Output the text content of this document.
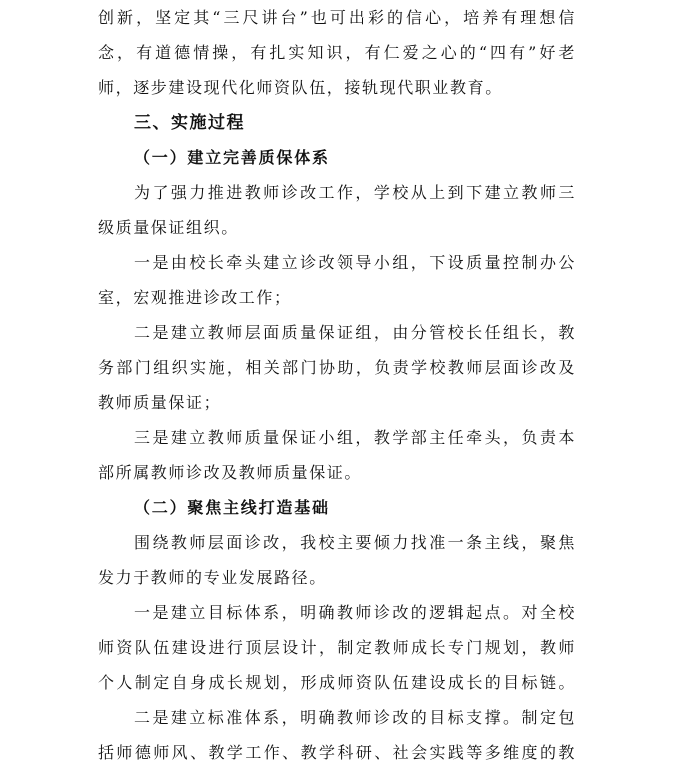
创新，坚定其“三尺讲台”也可出彩的信心，培养有理想信
念，有道德情操，有扎实知识，有仁爱之心的“四有”好老
师，逐步建设现代化师资队伍，接轨现代职业教育。
三、实施过程
（一）建立完善质保体系
为了强力推进教师诊改工作，学校从上到下建立教师三
级质量保证组织。
一是由校长牵头建立诊改领导小组，下设质量控制办公
室，宏观推进诊改工作；
二是建立教师层面质量保证组，由分管校长任组长，教
务部门组织实施，相关部门协助，负责学校教师层面诊改及
教师质量保证；
三是建立教师质量保证小组，教学部主任牵头，负责本
部所属教师诊改及教师质量保证。
（二）聚焦主线打造基础
围绕教师层面诊改，我校主要倾力找准一条主线，聚焦
发力于教师的专业发展路径。
一是建立目标体系，明确教师诊改的逻辑起点。对全校
师资队伍建设进行顶层设计，制定教师成长专门规划，教师
个人制定自身成长规划，形成师资队伍建设成长的目标链。
二是建立标准体系，明确教师诊改的目标支撑。制定包
括师德师风、教学工作、教学科研、社会实践等多维度的教
